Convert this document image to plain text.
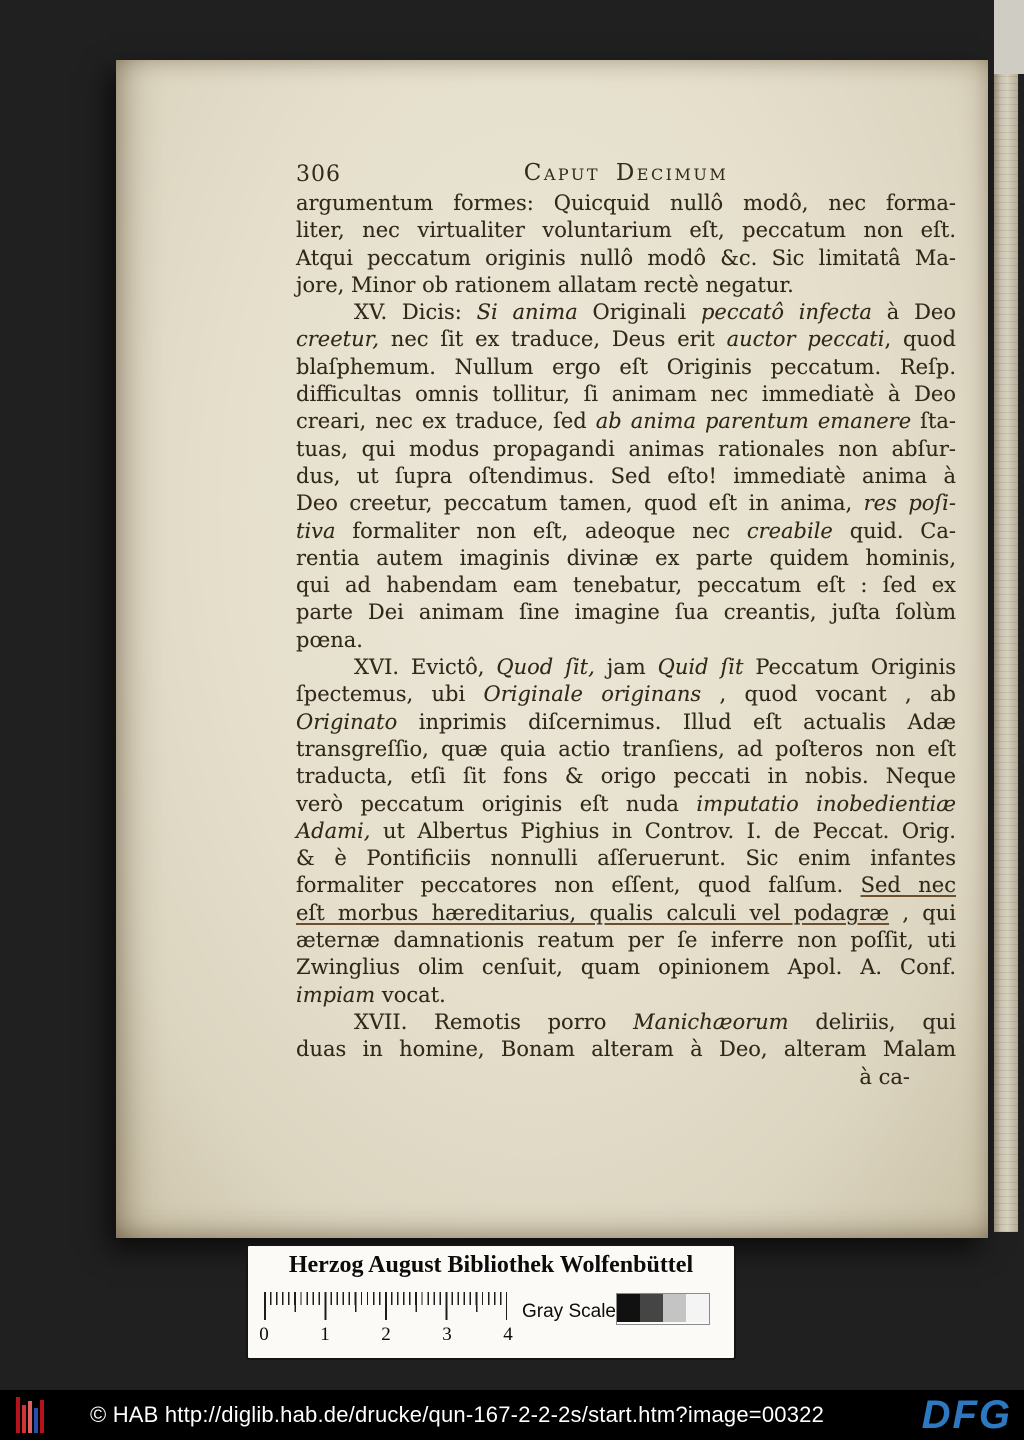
306	Caput Decimum
argumentum formes: Quicquid nullô modô, nec forma-
liter, nec virtualiter voluntarium eſt, peccatum non eſt.
Atqui peccatum originis nullô modô &c. Sic limitatâ Ma-
jore, Minor ob rationem allatam rectè negatur.
XV. Dicis: Si anima Originali peccatô infecta à Deo
creetur, nec ſit ex traduce, Deus erit auctor peccati, quod
blaſphemum. Nullum ergo eſt Originis peccatum. Reſp.
difficultas omnis tollitur, ſi animam nec immediatè à Deo
creari, nec ex traduce, ſed ab anima parentum emanere ſta-
tuas, qui modus propagandi animas rationales non abſur-
dus, ut ſupra oſtendimus. Sed eſto! immediatè anima à
Deo creetur, peccatum tamen, quod eſt in anima, res poſi-
tiva formaliter non eſt, adeoque nec creabile quid. Ca-
rentia autem imaginis divinæ ex parte quidem hominis,
qui ad habendam eam tenebatur, peccatum eſt : ſed ex
parte Dei animam ſine imagine ſua creantis, juſta ſolùm
pœna.
XVI. Evictô, Quod ſit, jam Quid ſit Peccatum Originis
ſpectemus, ubi Originale originans , quod vocant , ab
Originato inprimis diſcernimus. Illud eſt actualis Adæ
transgreſſio, quæ quia actio tranſiens, ad poſteros non eſt
traducta, etſi ſit fons & origo peccati in nobis. Neque
verò peccatum originis eſt nuda imputatio inobedientiæ
Adami, ut Albertus Pighius in Controv. I. de Peccat. Orig.
& è Pontificiis nonnulli aſſeruerunt. Sic enim infantes
formaliter peccatores non eſſent, quod falſum. Sed nec
eſt morbus hæreditarius, qualis calculi vel podagræ , qui
æternæ damnationis reatum per ſe inferre non poſſit, uti
Zwinglius olim cenſuit, quam opinionem Apol. A. Conf.
impiam vocat.
XVII. Remotis porro Manichæorum deliriis, qui
duas in homine, Bonam alteram à Deo, alteram Malam
à ca-
Herzog August Bibliothek Wolfenbüttel
0	1	2	3	4
Gray Scale
© HAB http://diglib.hab.de/drucke/qun-167-2-2-2s/start.htm?image=00322 DFG
